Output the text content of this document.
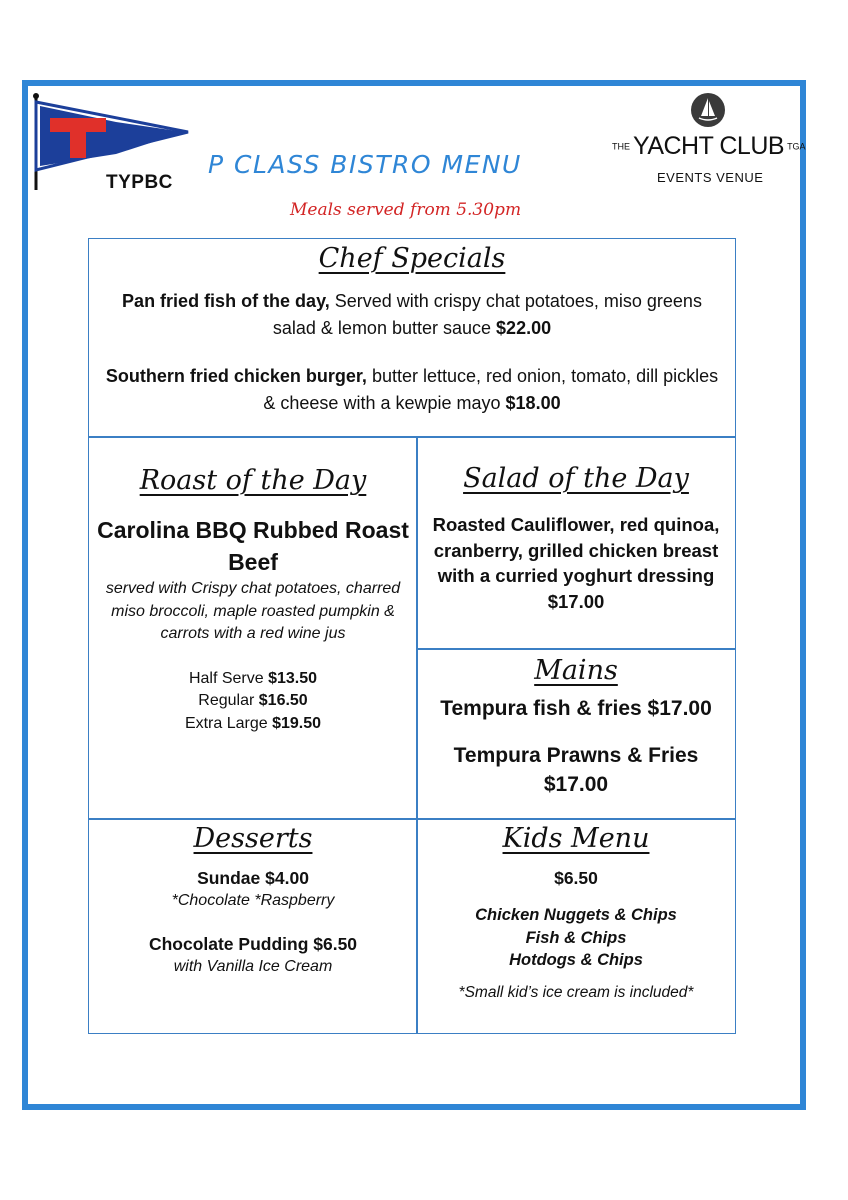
TYPBC
P CLASS BISTRO MENU
THE YACHT CLUB TGA
EVENTS VENUE
Meals served from 5.30pm

Chef Specials

Pan fried fish of the day, Served with crispy chat potatoes, miso greens

salad & lemon butter sauce $22.00

Southern fried chicken burger, butter lettuce, red onion, tomato, dill pickles

& cheese with a kewpie mayo $18.00

Roast of the Day

Carolina BBQ Rubbed Roast

Beef

served with Crispy chat potatoes, charred

miso broccoli, maple roasted pumpkin &

carrots with a red wine jus

Half Serve $13.50

Regular $16.50

Extra Large $19.50

Salad of the Day

Roasted Cauliflower, red quinoa,

cranberry, grilled chicken breast

with a curried yoghurt dressing

$17.00

Mains

Tempura fish & fries $17.00

Tempura Prawns & Fries

$17.00

Desserts

Sundae $4.00

*Chocolate *Raspberry

Chocolate Pudding $6.50

with Vanilla Ice Cream

Kids Menu

$6.50

Chicken Nuggets & Chips

Fish & Chips

Hotdogs & Chips

*Small kid’s ice cream is included*
